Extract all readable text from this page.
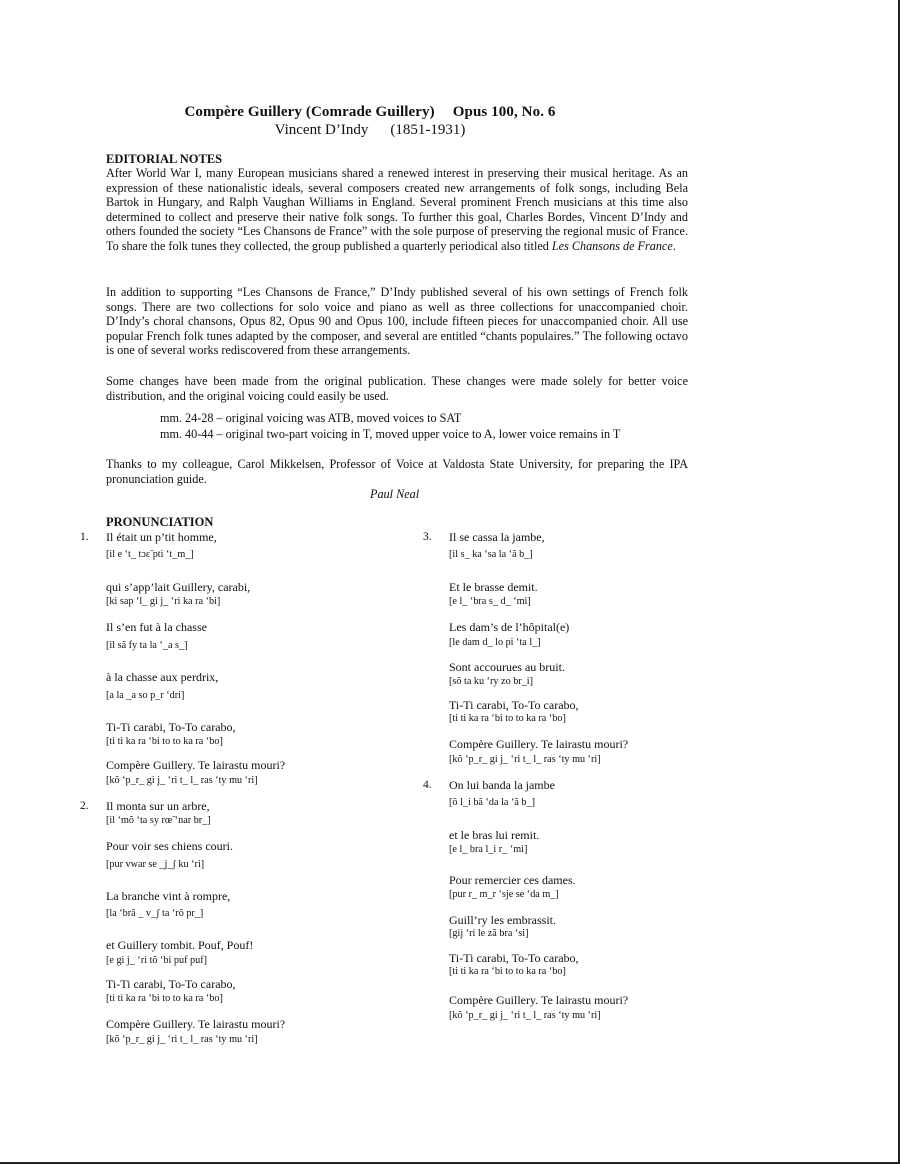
Compère Guillery (Comrade Guillery) Opus 100, No. 6
Vincent D’Indy (1851-1931)
EDITORIAL NOTES
After World War I, many European musicians shared a renewed interest in preserving their musical heritage. As an expression of these nationalistic ideals, several composers created new arrangements of folk songs, including Bela Bartok in Hungary, and Ralph Vaughan Williams in England. Several prominent French musicians at this time also determined to collect and preserve their native folk songs. To further this goal, Charles Bordes, Vincent D’Indy and others founded the society “Les Chansons de France” with the sole purpose of preserving the regional music of France. To share the folk tunes they collected, the group published a quarterly periodical also titled Les Chansons de France.
In addition to supporting “Les Chansons de France,” D’Indy published several of his own settings of French folk songs. There are two collections for solo voice and piano as well as three collections for unaccompanied choir. D’Indy’s choral chansons, Opus 82, Opus 90 and Opus 100, include fifteen pieces for unaccompanied choir. All use popular French folk tunes adapted by the composer, and several are entitled “chants populaires.” The following octavo is one of several works rediscovered from these arrangements.
Some changes have been made from the original publication. These changes were made solely for better voice distribution, and the original voicing could easily be used.
mm. 24-28 – original voicing was ATB, moved voices to SAT
mm. 40-44 – original two-part voicing in T, moved upper voice to A, lower voice remains in T
Thanks to my colleague, Carol Mikkelsen, Professor of Voice at Valdosta State University, for preparing the IPA pronunciation guide.
Paul Neal
PRONUNCIATION
1. Il était un p’tit homme,
[il e ‘t_ tɔɛ̃ pti ‘t_m_]
qui s’app’lait Guillery, carabi,
[ki sap ‘l_ gi j_ ‘ri ka ra ‘bi]
Il s’en fut à la chasse
[il sã fy ta la ‘_a s_]
à la chasse aux perdrix,
[a la _a so p_r ‘dri]
Ti-Ti carabi, To-To carabo,
[ti ti ka ra ‘bi to to ka ra ‘bo]
Compère Guillery. Te lairastu mouri?
[kõ ‘p_r_ gi j_ ‘ri t_ l_ ras ‘ty mu ‘ri]
2. Il monta sur un arbre,
[il ‘mõ ‘ta sy rœ̃ ‘nar br_]
Pour voir ses chiens couri.
[pur vwar se _j_ʃ ku ‘ri]
La branche vint à rompre,
[la ‘brã _ v_ʃ ta ‘rõ pr_]
et Guillery tombit. Pouf, Pouf!
[e gi j_ ‘ri tõ ‘bi puf puf]
Ti-Ti carabi, To-To carabo,
[ti ti ka ra ‘bi to to ka ra ‘bo]
Compère Guillery. Te lairastu mouri?
[kõ ‘p_r_ gi j_ ‘ri t_ l_ ras ‘ty mu ‘ri]
3. Il se cassa la jambe,
[il s_ ka ‘sa la ‘ã b_]
Et le brasse demit.
[e l_ ‘bra s_ d_ ‘mi]
Les dam’s de l’hôpital(e)
[le dam d_ lo pi ‘ta l_]
Sont accourues au bruit.
[sõ ta ku ‘ry zo br_i]
Ti-Ti carabi, To-To carabo,
[ti ti ka ra ‘bi to to ka ra ‘bo]
Compère Guillery. Te lairastu mouri?
[kõ ‘p_r_ gi j_ ‘ri t_ l_ ras ‘ty mu ‘ri]
4. On lui banda la jambe
[õ l_i bã ‘da la ‘ã b_]
et le bras lui remit.
[e l_ bra l_i r_ ‘mi]
Pour remercier ces dames.
[pur r_ m_r ‘sje se ‘da m_]
Guill’ry les embrassit.
[gij ‘ri le zã bra ‘si]
Ti-Ti carabi, To-To carabo,
[ti ti ka ra ‘bi to to ka ra ‘bo]
Compère Guillery. Te lairastu mouri?
[kõ ‘p_r_ gi j_ ‘ri t_ l_ ras ‘ty mu ‘ri]
